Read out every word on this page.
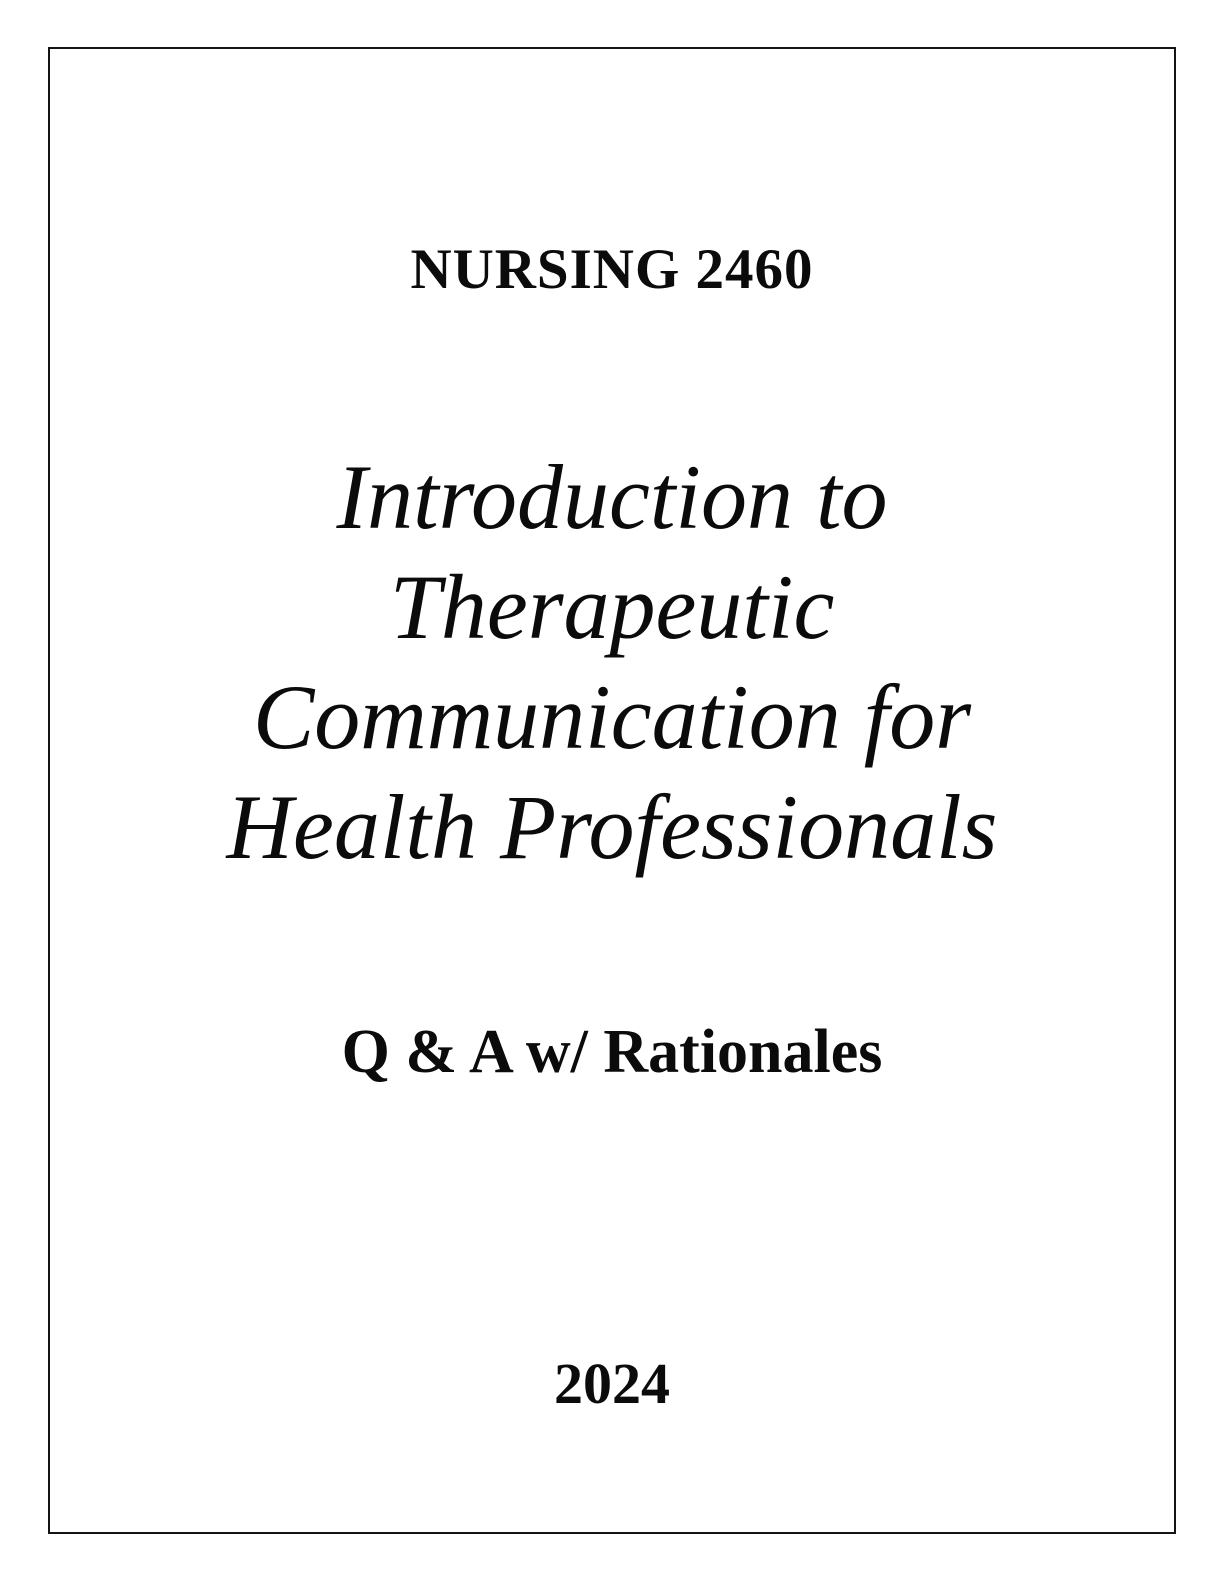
NURSING 2460
Introduction to
Therapeutic
Communication for
Health Professionals
Q & A w/ Rationales
2024
